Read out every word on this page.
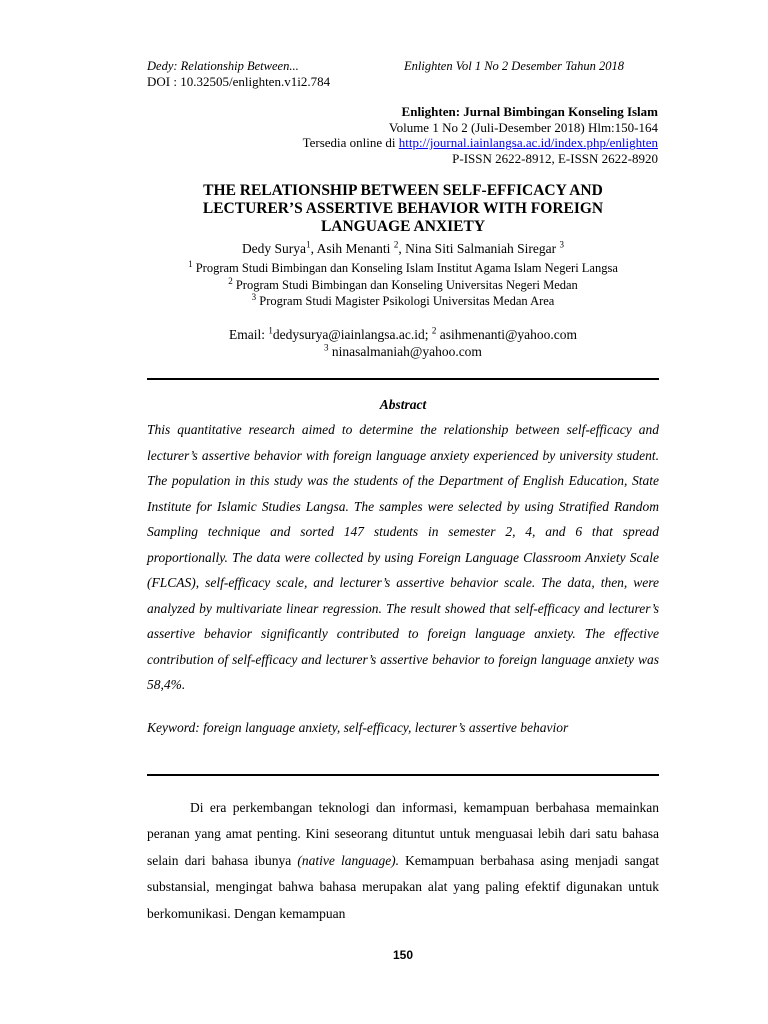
Dedy: Relationship Between...	Enlighten Vol 1 No 2 Desember Tahun 2018
DOI : 10.32505/enlighten.v1i2.784
Enlighten: Jurnal Bimbingan Konseling Islam
Volume 1 No 2 (Juli-Desember 2018) Hlm:150-164
Tersedia online di http://journal.iainlangsa.ac.id/index.php/enlighten
P-ISSN 2622-8912, E-ISSN 2622-8920
THE RELATIONSHIP BETWEEN SELF-EFFICACY AND
LECTURER’S ASSERTIVE BEHAVIOR WITH FOREIGN
LANGUAGE ANXIETY
Dedy Surya$^1$, Asih Menanti $^2$, Nina Siti Salmaniah Siregar $^3$
$^1$ Program Studi Bimbingan dan Konseling Islam Institut Agama Islam Negeri Langsa
$^2$ Program Studi Bimbingan dan Konseling Universitas Negeri Medan
$^3$ Program Studi Magister Psikologi Universitas Medan Area
Email: $^1$dedysurya@iainlangsa.ac.id; $^2$ asihmenanti@yahoo.com
$^3$ ninasalmaniah@yahoo.com
Abstract

This quantitative research aimed to determine the relationship between self-efficacy and lecturer’s assertive behavior with foreign language anxiety experienced by university student. The population in this study was the students of the Department of English Education, State Institute for Islamic Studies Langsa. The samples were selected by using Stratified Random Sampling technique and sorted 147 students in semester 2, 4, and 6 that spread proportionally. The data were collected by using Foreign Language Classroom Anxiety Scale (FLCAS), self-efficacy scale, and lecturer’s assertive behavior scale. The data, then, were analyzed by multivariate linear regression. The result showed that self-efficacy and lecturer’s assertive behavior significantly contributed to foreign language anxiety. The effective contribution of self-efficacy and lecturer’s assertive behavior to foreign language anxiety was 58,4%.

Keyword: foreign language anxiety, self-efficacy, lecturer’s assertive behavior

Di era perkembangan teknologi dan informasi, kemampuan berbahasa memainkan peranan yang amat penting. Kini seseorang dituntut untuk menguasai lebih dari satu bahasa selain dari bahasa ibunya (native language). Kemampuan berbahasa asing menjadi sangat substansial, mengingat bahwa bahasa merupakan alat yang paling efektif digunakan untuk berkomunikasi. Dengan kemampuan

150
